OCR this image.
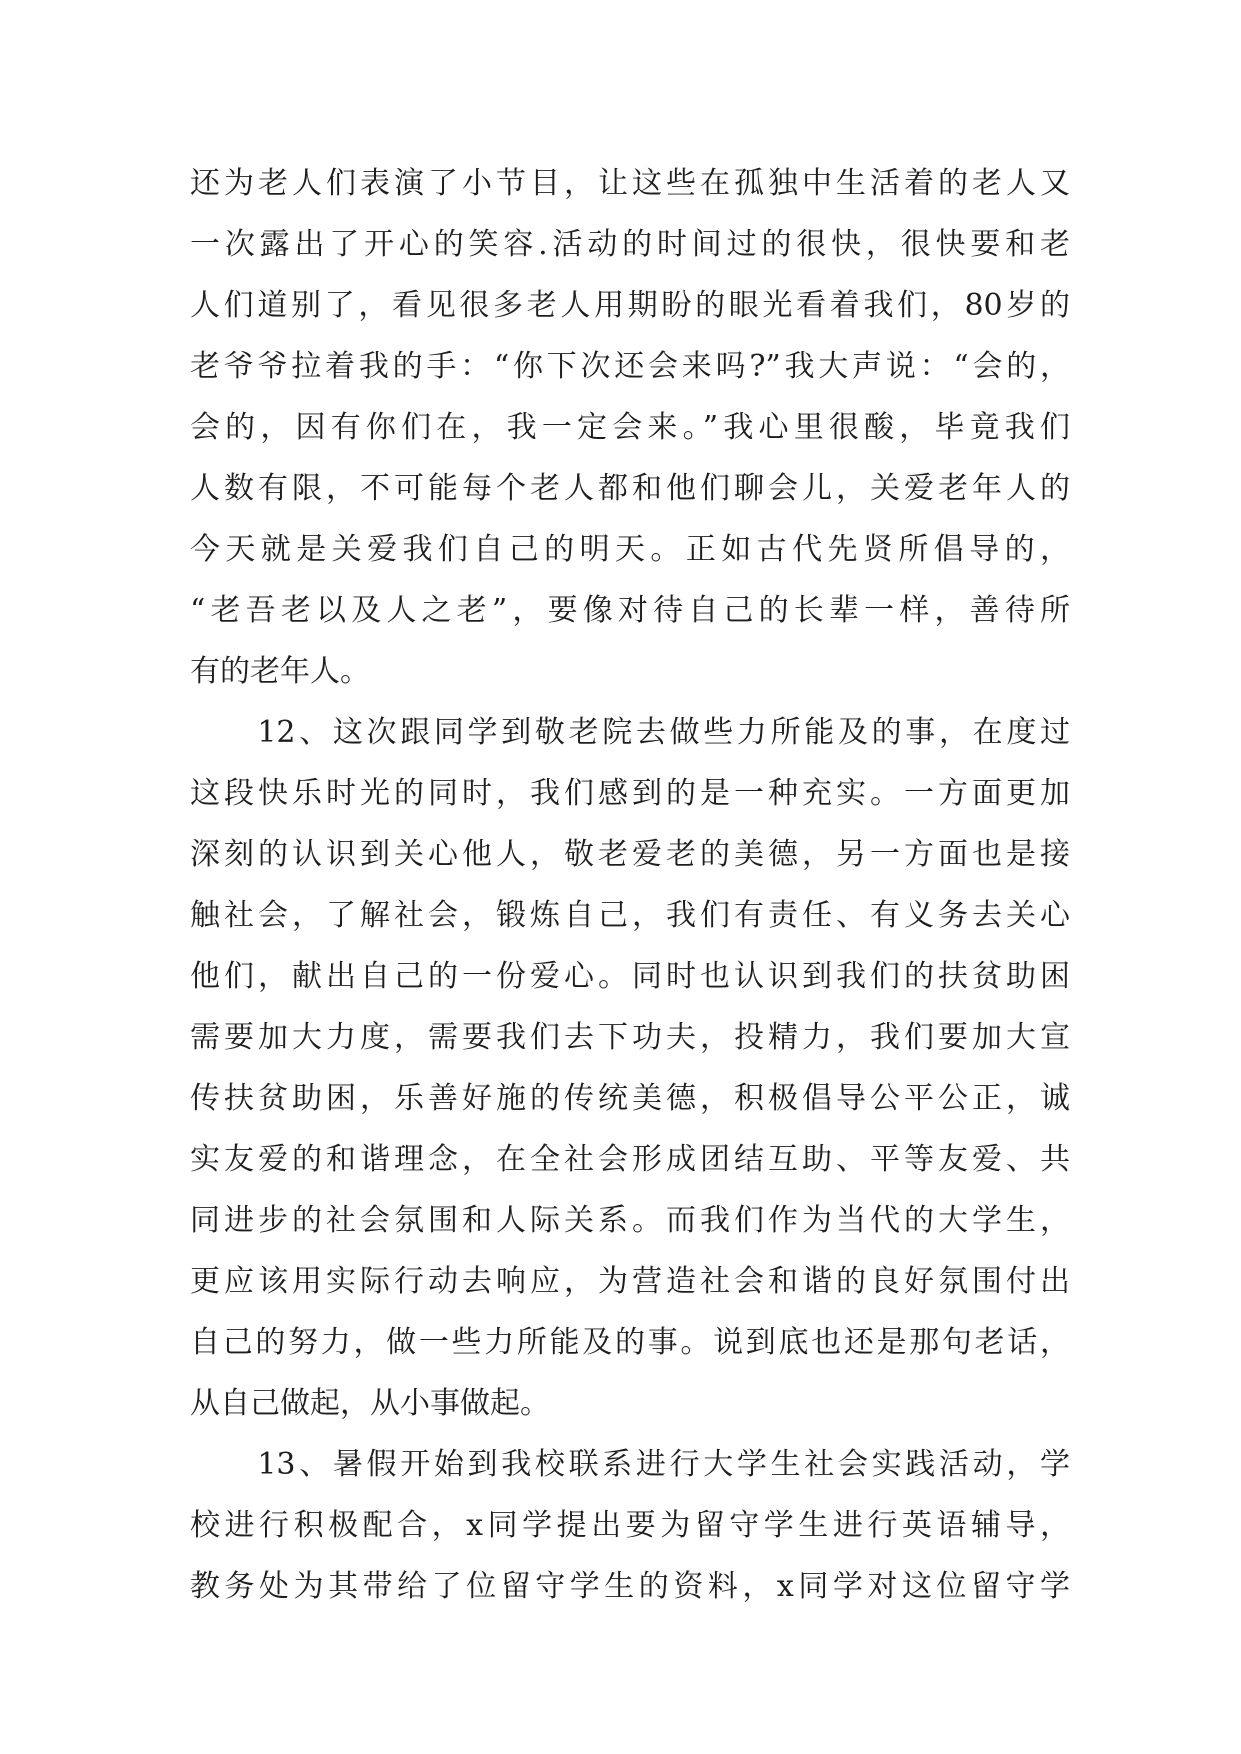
还为老人们表演了小节目，让这些在孤独中生活着的老人又
一次露出了开心的笑容.活动的时间过的很快，很快要和老
人们道别了，看见很多老人用期盼的眼光看着我们，80岁的
老爷爷拉着我的手：“你下次还会来吗?”我大声说：“会的，
会的，因有你们在，我一定会来。”我心里很酸，毕竟我们
人数有限，不可能每个老人都和他们聊会儿，关爱老年人的
今天就是关爱我们自己的明天。正如古代先贤所倡导的，
“老吾老以及人之老”，要像对待自己的长辈一样，善待所
有的老年人。
　　12、这次跟同学到敬老院去做些力所能及的事，在度过
这段快乐时光的同时，我们感到的是一种充实。一方面更加
深刻的认识到关心他人，敬老爱老的美德，另一方面也是接
触社会，了解社会，锻炼自己，我们有责任、有义务去关心
他们，献出自己的一份爱心。同时也认识到我们的扶贫助困
需要加大力度，需要我们去下功夫，投精力，我们要加大宣
传扶贫助困，乐善好施的传统美德，积极倡导公平公正，诚
实友爱的和谐理念，在全社会形成团结互助、平等友爱、共
同进步的社会氛围和人际关系。而我们作为当代的大学生，
更应该用实际行动去响应，为营造社会和谐的良好氛围付出
自己的努力，做一些力所能及的事。说到底也还是那句老话，
从自己做起，从小事做起。
　　13、暑假开始到我校联系进行大学生社会实践活动，学
校进行积极配合，x同学提出要为留守学生进行英语辅导，
教务处为其带给了位留守学生的资料，x同学对这位留守学
